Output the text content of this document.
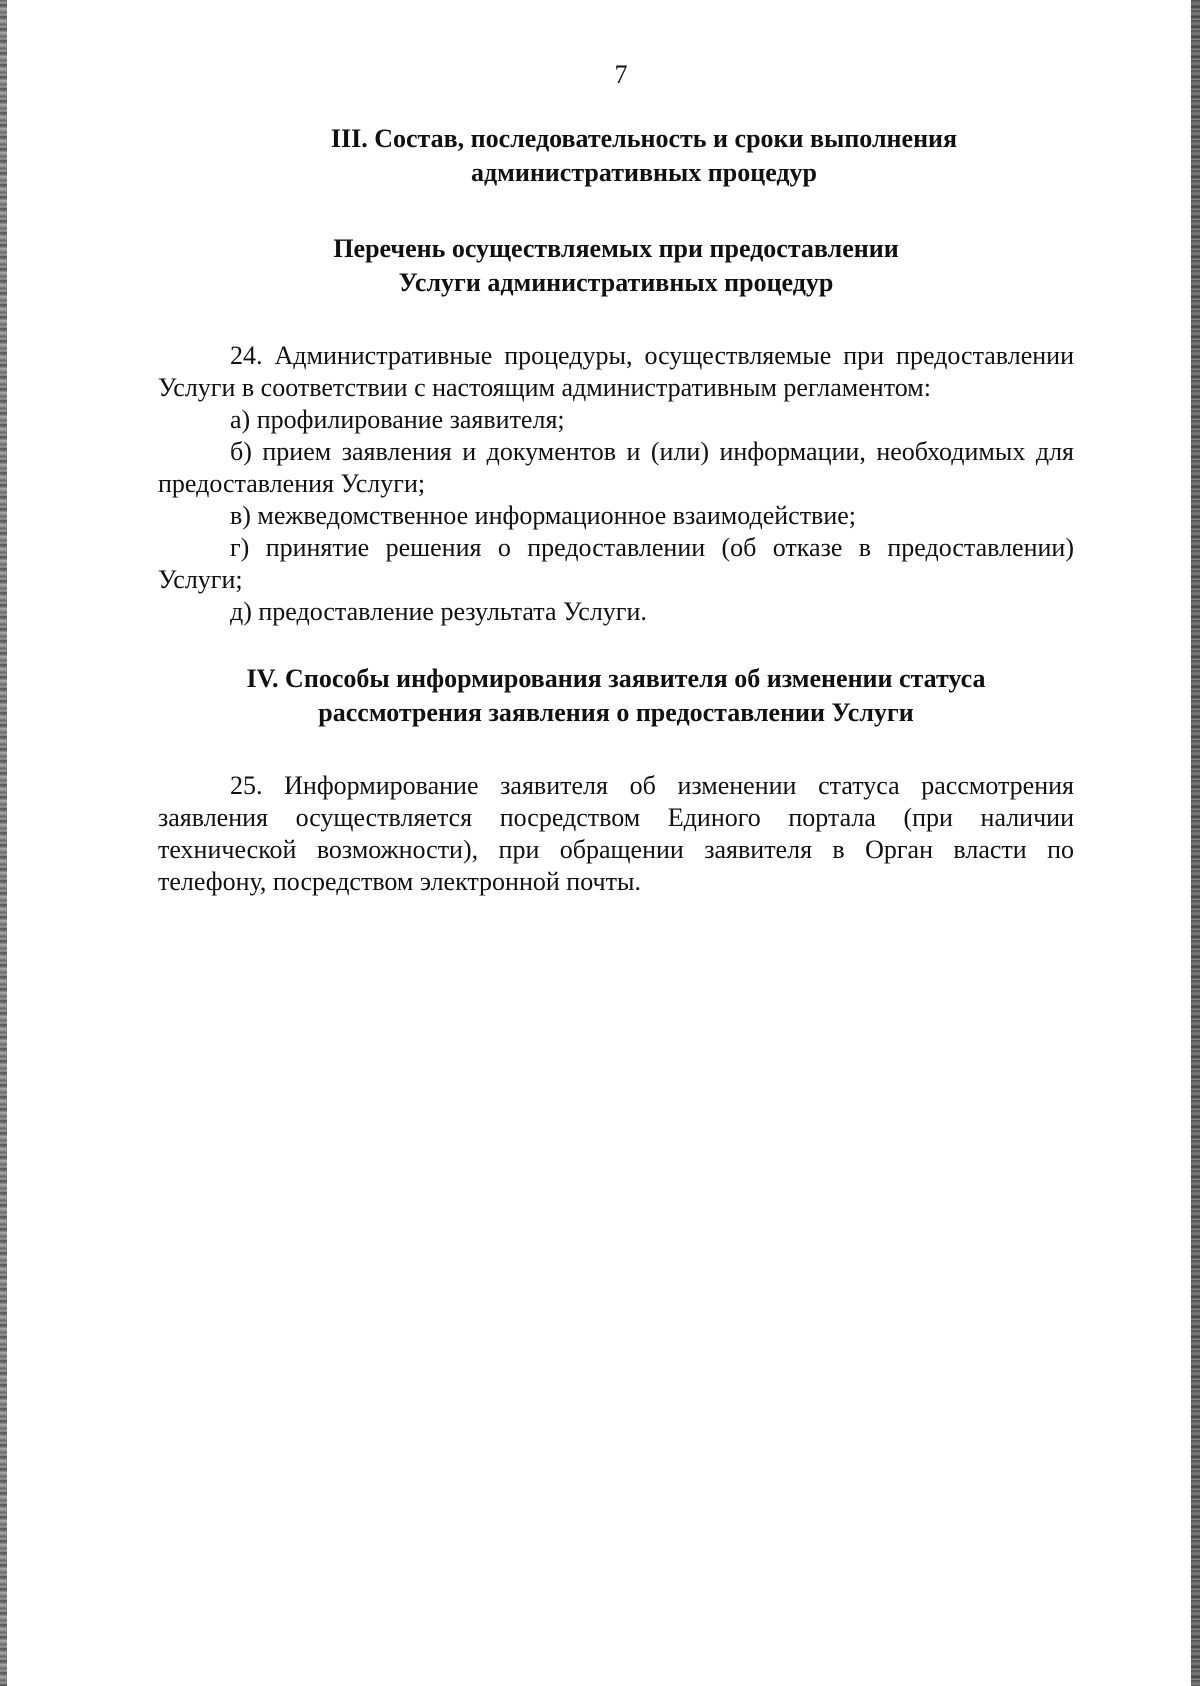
7
III. Состав, последовательность и сроки выполнения
административных процедур
Перечень осуществляемых при предоставлении
Услуги административных процедур

24. Административные процедуры, осуществляемые при предоставлении Услуги в соответствии с настоящим административным регламентом:

а) профилирование заявителя;

б) прием заявления и документов и (или) информации, необходимых для предоставления Услуги;

в) межведомственное информационное взаимодействие;

г) принятие решения о предоставлении (об отказе в предоставлении) Услуги;

д) предоставление результата Услуги.

IV. Способы информирования заявителя об изменении статуса
рассмотрения заявления о предоставлении Услуги

25. Информирование заявителя об изменении статуса рассмотрения заявления осуществляется посредством Единого портала (при наличии технической возможности), при обращении заявителя в Орган власти по телефону, посредством электронной почты.
